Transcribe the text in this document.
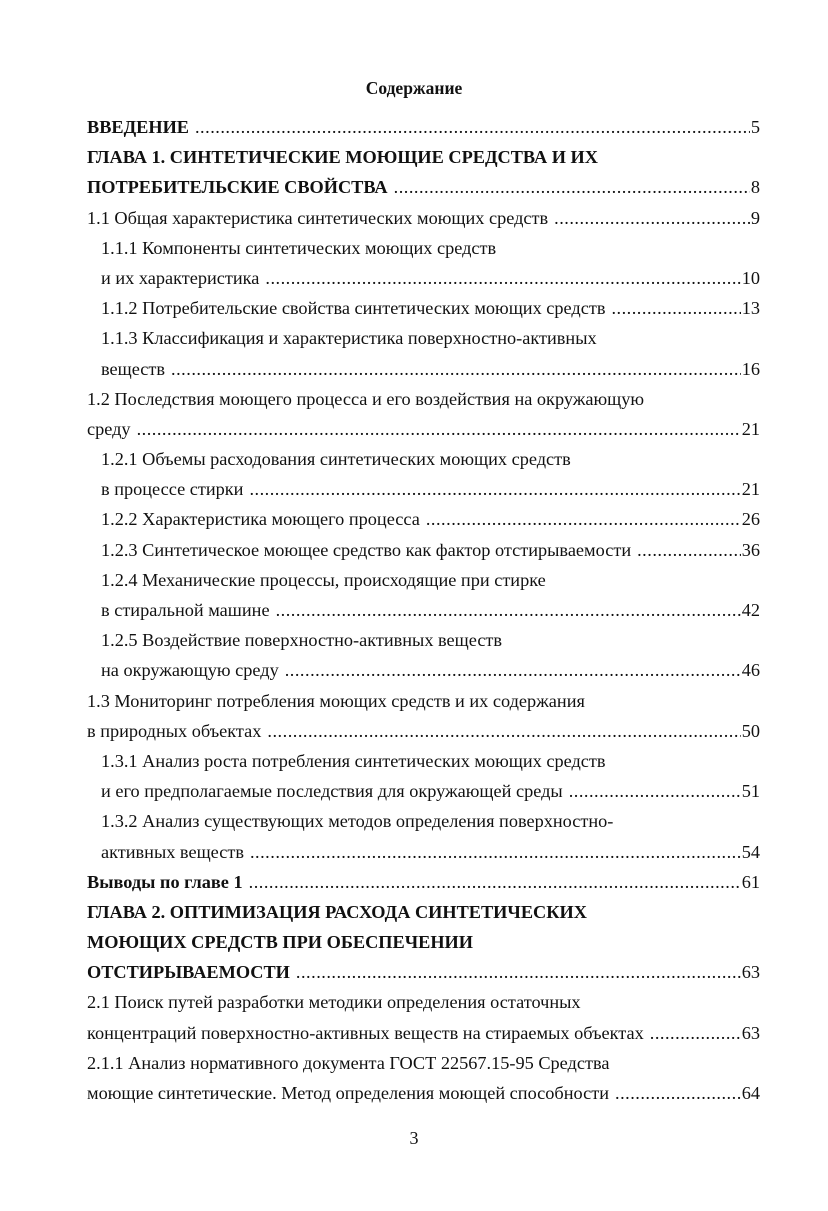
Содержание
ВВЕДЕНИЕ .....	5
ГЛАВА 1. СИНТЕТИЧЕСКИЕ МОЮЩИЕ СРЕДСТВА И ИХ
ПОТРЕБИТЕЛЬСКИЕ СВОЙСТВА .....	8
1.1 Общая характеристика синтетических моющих средств .....	9
1.1.1 Компоненты синтетических моющих средств
и их характеристика .....	10
1.1.2 Потребительские свойства синтетических моющих средств .....	13
1.1.3 Классификация и характеристика поверхностно-активных
веществ .....	16
1.2 Последствия моющего процесса и его воздействия на окружающую
среду .....	21
1.2.1 Объемы расходования синтетических моющих средств
в процессе стирки .....	21
1.2.2 Характеристика моющего процесса .....	26
1.2.3 Синтетическое моющее средство как фактор отстирываемости .....	36
1.2.4 Механические процессы, происходящие при стирке
в стиральной машине .....	42
1.2.5 Воздействие поверхностно-активных веществ
на окружающую среду .....	46
1.3 Мониторинг потребления моющих средств и их содержания
в природных объектах .....	50
1.3.1 Анализ роста потребления синтетических моющих средств
и его предполагаемые последствия для окружающей среды .....	51
1.3.2 Анализ существующих методов определения поверхностно-
активных веществ .....	54
Выводы по главе 1 .....	61
ГЛАВА 2. ОПТИМИЗАЦИЯ РАСХОДА СИНТЕТИЧЕСКИХ
МОЮЩИХ СРЕДСТВ ПРИ ОБЕСПЕЧЕНИИ
ОТСТИРЫВАЕМОСТИ .....	63
2.1 Поиск путей разработки методики определения остаточных
концентраций поверхностно-активных веществ на стираемых объектах .....	63
2.1.1 Анализ нормативного документа ГОСТ 22567.15-95 Средства
моющие синтетические. Метод определения моющей способности .....	64
3
